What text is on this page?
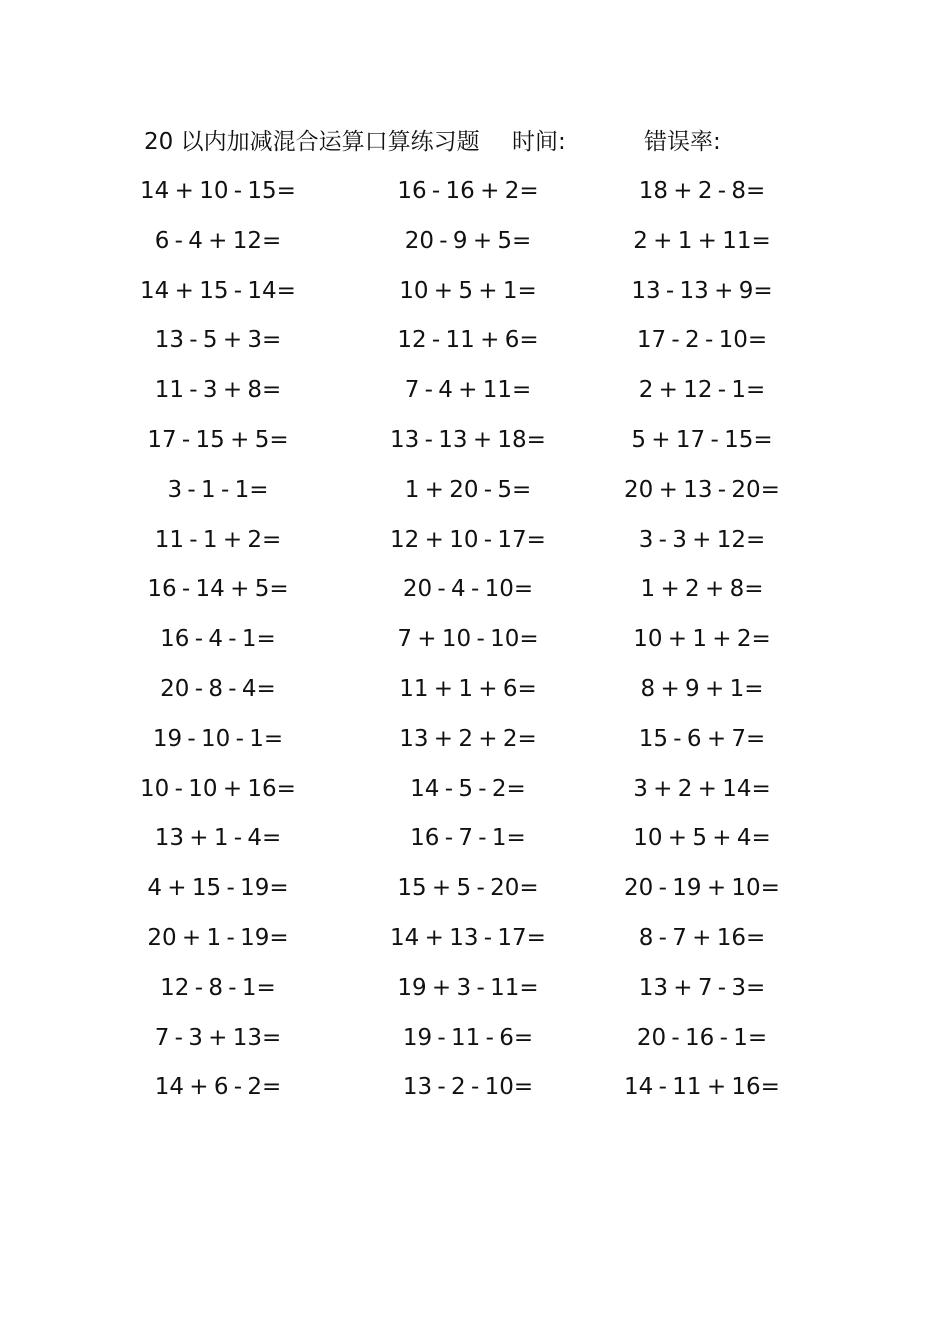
20 以内加减混合运算口算练习题 时间:	错误率:
14 + 10 - 15=	16 - 16 + 2=	18 + 2 - 8=
6 - 4 + 12=	20 - 9 + 5=	2 + 1 + 11=
14 + 15 - 14=	10 + 5 + 1=	13 - 13 + 9=
13 - 5 + 3=	12 - 11 + 6=	17 - 2 - 10=
11 - 3 + 8=	7 - 4 + 11=	2 + 12 - 1=
17 - 15 + 5=	13 - 13 + 18=	5 + 17 - 15=
3 - 1 - 1=	1 + 20 - 5=	20 + 13 - 20=
11 - 1 + 2=	12 + 10 - 17=	3 - 3 + 12=
16 - 14 + 5=	20 - 4 - 10=	1 + 2 + 8=
16 - 4 - 1=	7 + 10 - 10=	10 + 1 + 2=
20 - 8 - 4=	11 + 1 + 6=	8 + 9 + 1=
19 - 10 - 1=	13 + 2 + 2=	15 - 6 + 7=
10 - 10 + 16=	14 - 5 - 2=	3 + 2 + 14=
13 + 1 - 4=	16 - 7 - 1=	10 + 5 + 4=
4 + 15 - 19=	15 + 5 - 20=	20 - 19 + 10=
20 + 1 - 19=	14 + 13 - 17=	8 - 7 + 16=
12 - 8 - 1=	19 + 3 - 11=	13 + 7 - 3=
7 - 3 + 13=	19 - 11 - 6=	20 - 16 - 1=
14 + 6 - 2=	13 - 2 - 10=	14 - 11 + 16=
